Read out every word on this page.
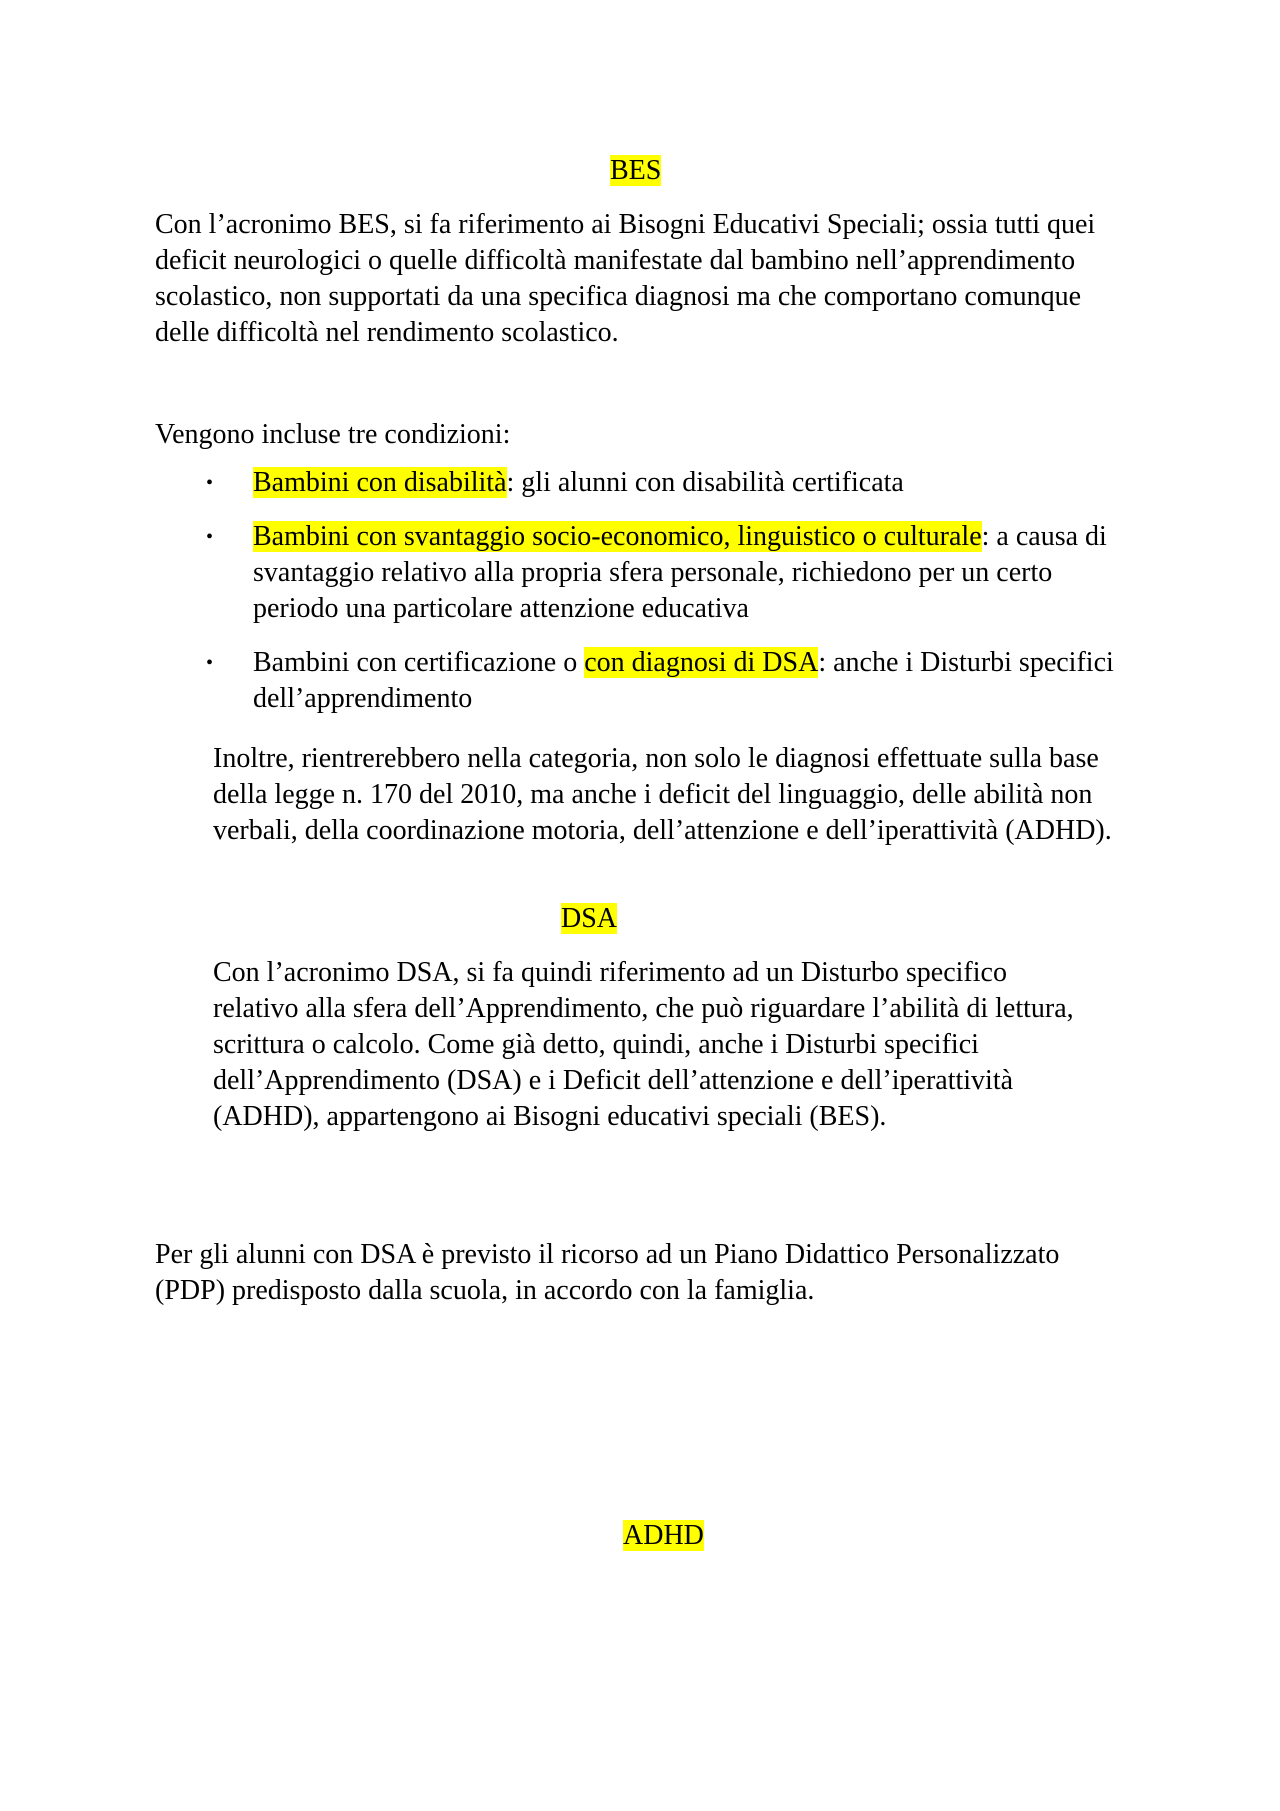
BES

Con l’acronimo BES, si fa riferimento ai Bisogni Educativi Speciali; ossia tutti quei deficit neurologici o quelle difficoltà manifestate dal bambino nell’apprendimento scolastico, non supportati da una specifica diagnosi ma che comportano comunque delle difficoltà nel rendimento scolastico.

Vengono incluse tre condizioni:

• Bambini con disabilità: gli alunni con disabilità certificata
• Bambini con svantaggio socio-economico, linguistico o culturale: a causa di svantaggio relativo alla propria sfera personale, richiedono per un certo periodo una particolare attenzione educativa
• Bambini con certificazione o con diagnosi di DSA: anche i Disturbi specifici dell’apprendimento

Inoltre, rientrerebbero nella categoria, non solo le diagnosi effettuate sulla base della legge n. 170 del 2010, ma anche i deficit del linguaggio, delle abilità non verbali, della coordinazione motoria, dell’attenzione e dell’iperattività (ADHD).

DSA

Con l’acronimo DSA, si fa quindi riferimento ad un Disturbo specifico relativo alla sfera dell’Apprendimento, che può riguardare l’abilità di lettura, scrittura o calcolo. Come già detto, quindi, anche i Disturbi specifici dell’Apprendimento (DSA) e i Deficit dell’attenzione e dell’iperattività (ADHD), appartengono ai Bisogni educativi speciali (BES).

Per gli alunni con DSA è previsto il ricorso ad un Piano Didattico Personalizzato (PDP) predisposto dalla scuola, in accordo con la famiglia.

ADHD
